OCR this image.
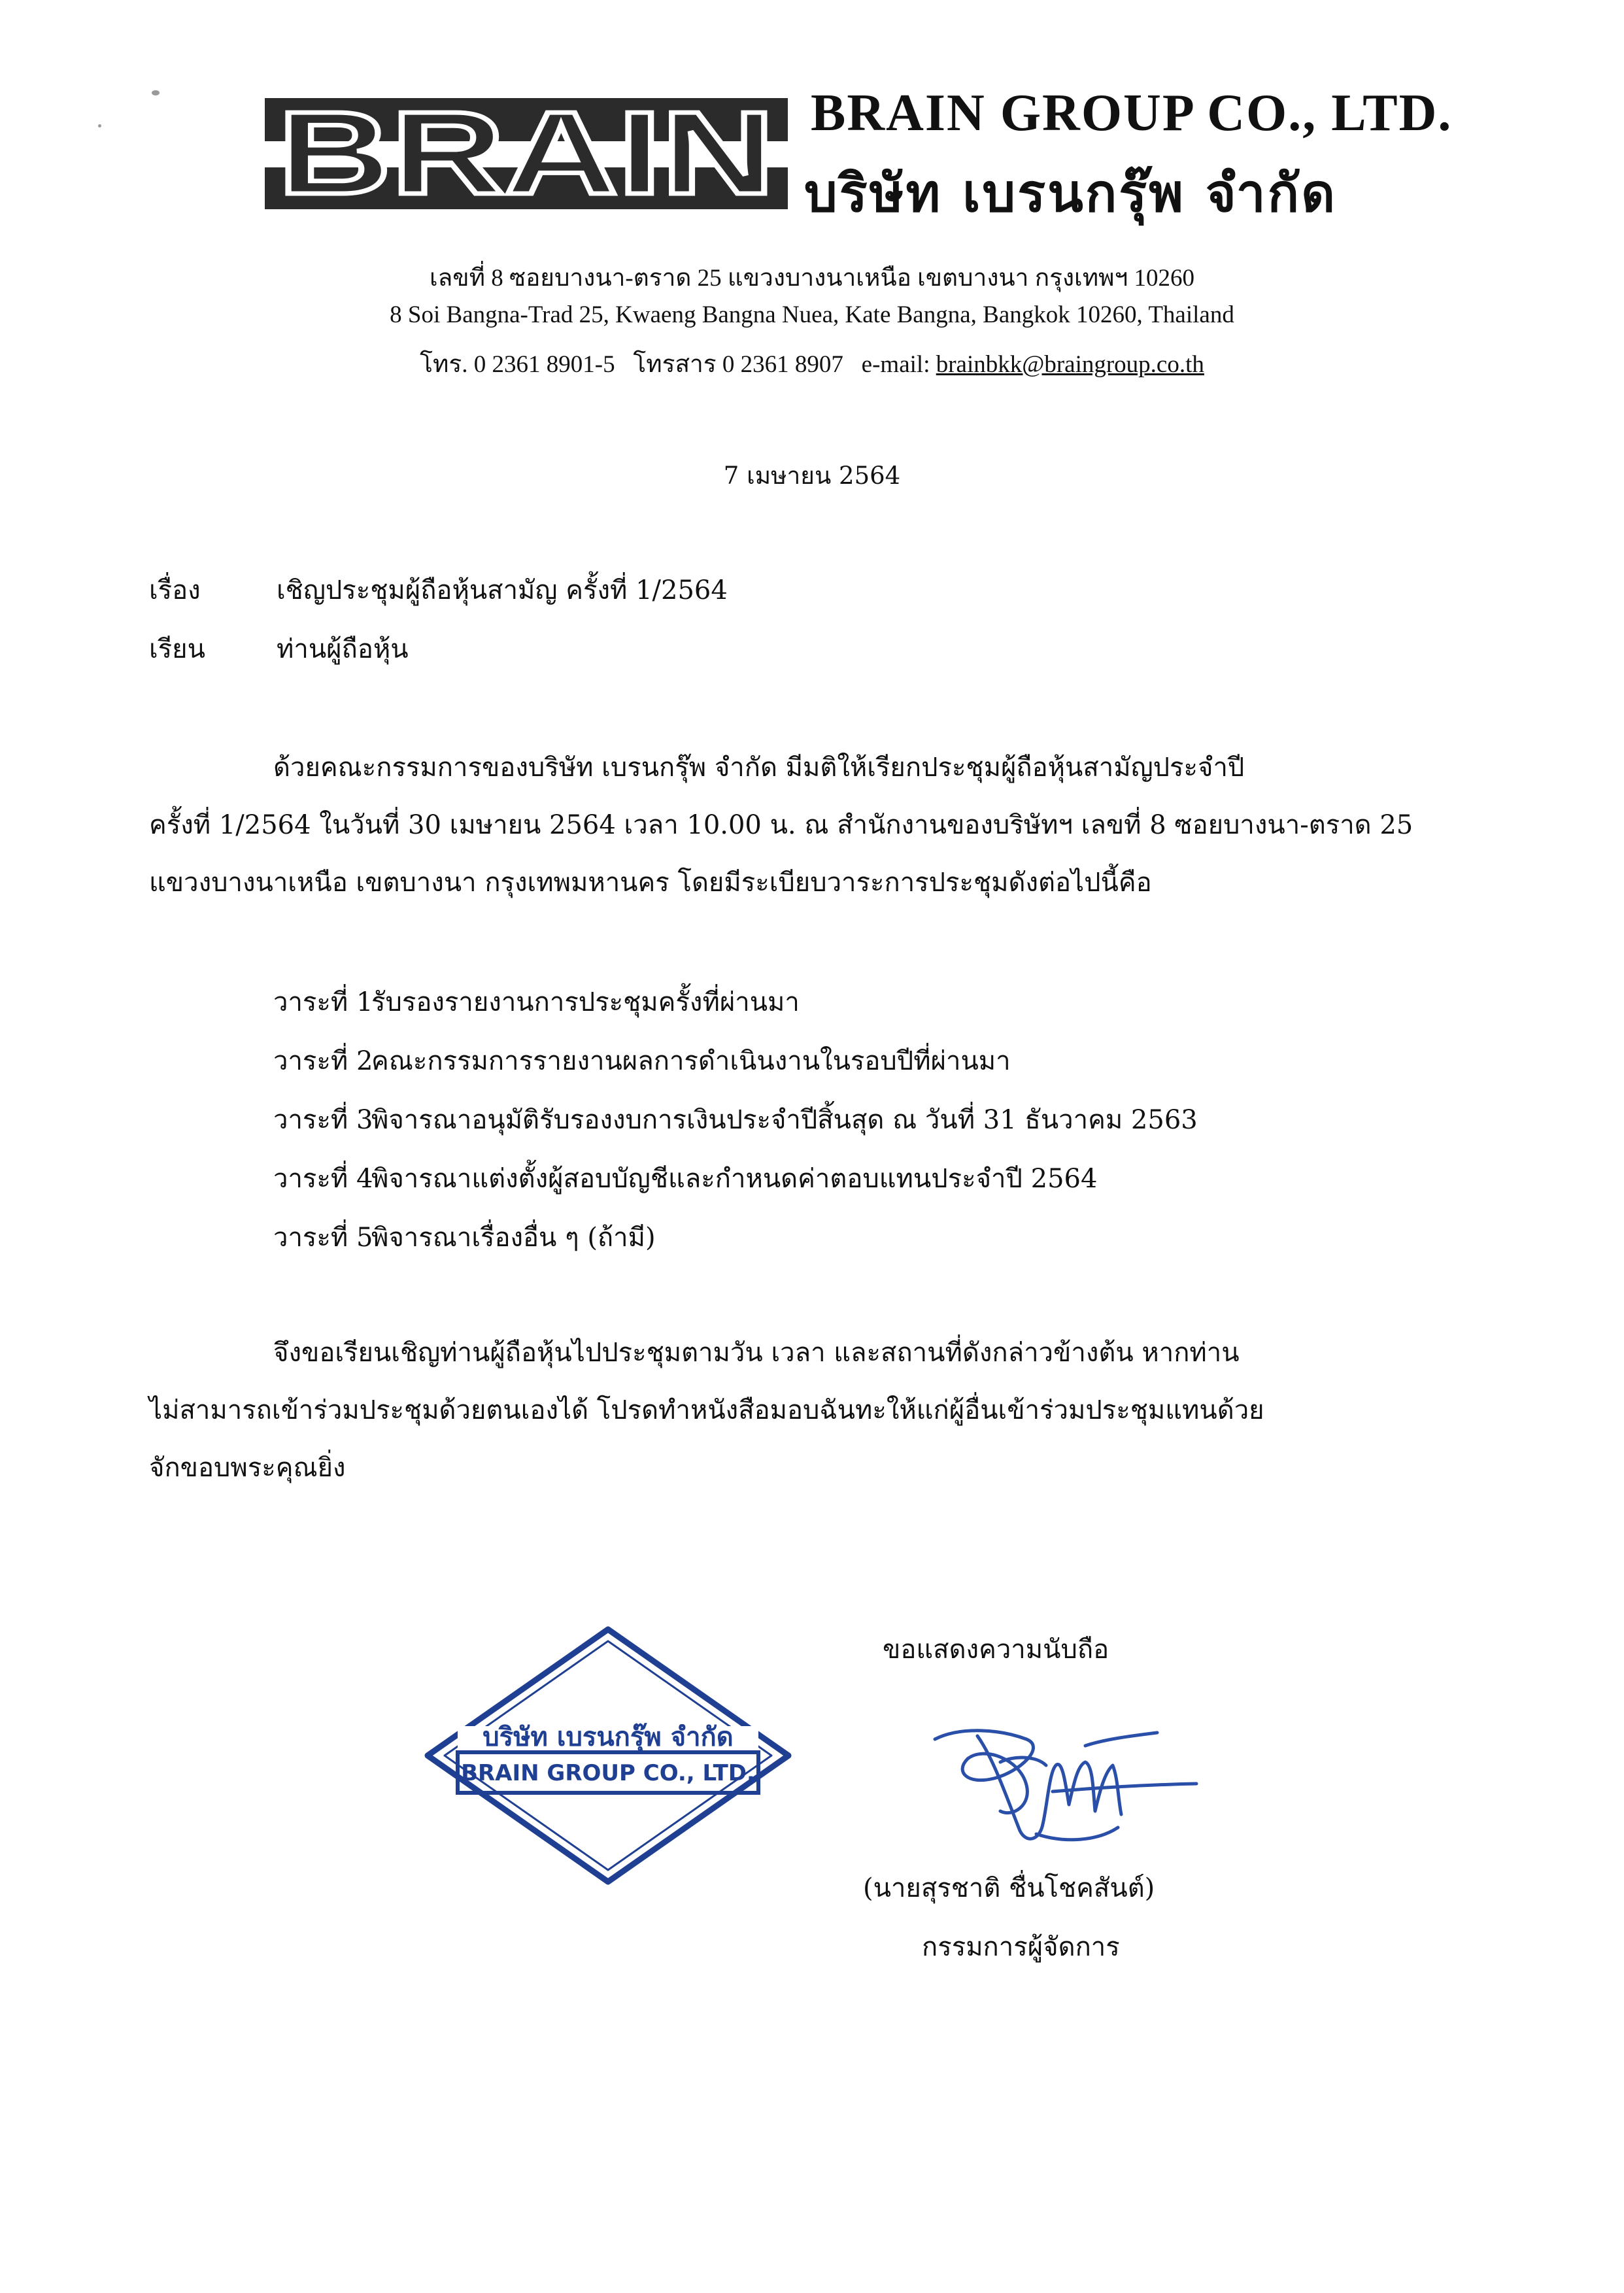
BRAIN BRAIN GROUP CO., LTD.
บริษัท เบรนกรุ๊พ จำกัด
เลขที่ 8 ซอยบางนา-ตราด 25 แขวงบางนาเหนือ เขตบางนา กรุงเทพฯ 10260
8 Soi Bangna-Trad 25, Kwaeng Bangna Nuea, Kate Bangna, Bangkok 10260, Thailand
โทร. 0 2361 8901-5   โทรสาร 0 2361 8907   e-mail: brainbkk@braingroup.co.th
7 เมษายน 2564
เรื่อง	เชิญประชุมผู้ถือหุ้นสามัญ ครั้งที่ 1/2564
เรียน	ท่านผู้ถือหุ้น
ด้วยคณะกรรมการของบริษัท เบรนกรุ๊พ จำกัด มีมติให้เรียกประชุมผู้ถือหุ้นสามัญประจำปี
ครั้งที่ 1/2564 ในวันที่ 30 เมษายน 2564 เวลา 10.00 น. ณ สำนักงานของบริษัทฯ เลขที่ 8 ซอยบางนา-ตราด 25
แขวงบางนาเหนือ เขตบางนา กรุงเทพมหานคร โดยมีระเบียบวาระการประชุมดังต่อไปนี้คือ
วาระที่ 1รับรองรายงานการประชุมครั้งที่ผ่านมา
วาระที่ 2คณะกรรมการรายงานผลการดำเนินงานในรอบปีที่ผ่านมา
วาระที่ 3พิจารณาอนุมัติรับรองงบการเงินประจำปีสิ้นสุด ณ วันที่ 31 ธันวาคม 2563
วาระที่ 4พิจารณาแต่งตั้งผู้สอบบัญชีและกำหนดค่าตอบแทนประจำปี 2564
วาระที่ 5พิจารณาเรื่องอื่น ๆ (ถ้ามี)
จึงขอเรียนเชิญท่านผู้ถือหุ้นไปประชุมตามวัน เวลา และสถานที่ดังกล่าวข้างต้น หากท่าน
ไม่สามารถเข้าร่วมประชุมด้วยตนเองได้ โปรดทำหนังสือมอบฉันทะให้แก่ผู้อื่นเข้าร่วมประชุมแทนด้วย
จักขอบพระคุณยิ่ง
บริษัท เบรนกรุ๊พ จำกัด
BRAIN GROUP CO., LTD.
ขอแสดงความนับถือ
(นายสุรชาติ ชื่นโชคสันต์)
กรรมการผู้จัดการ
